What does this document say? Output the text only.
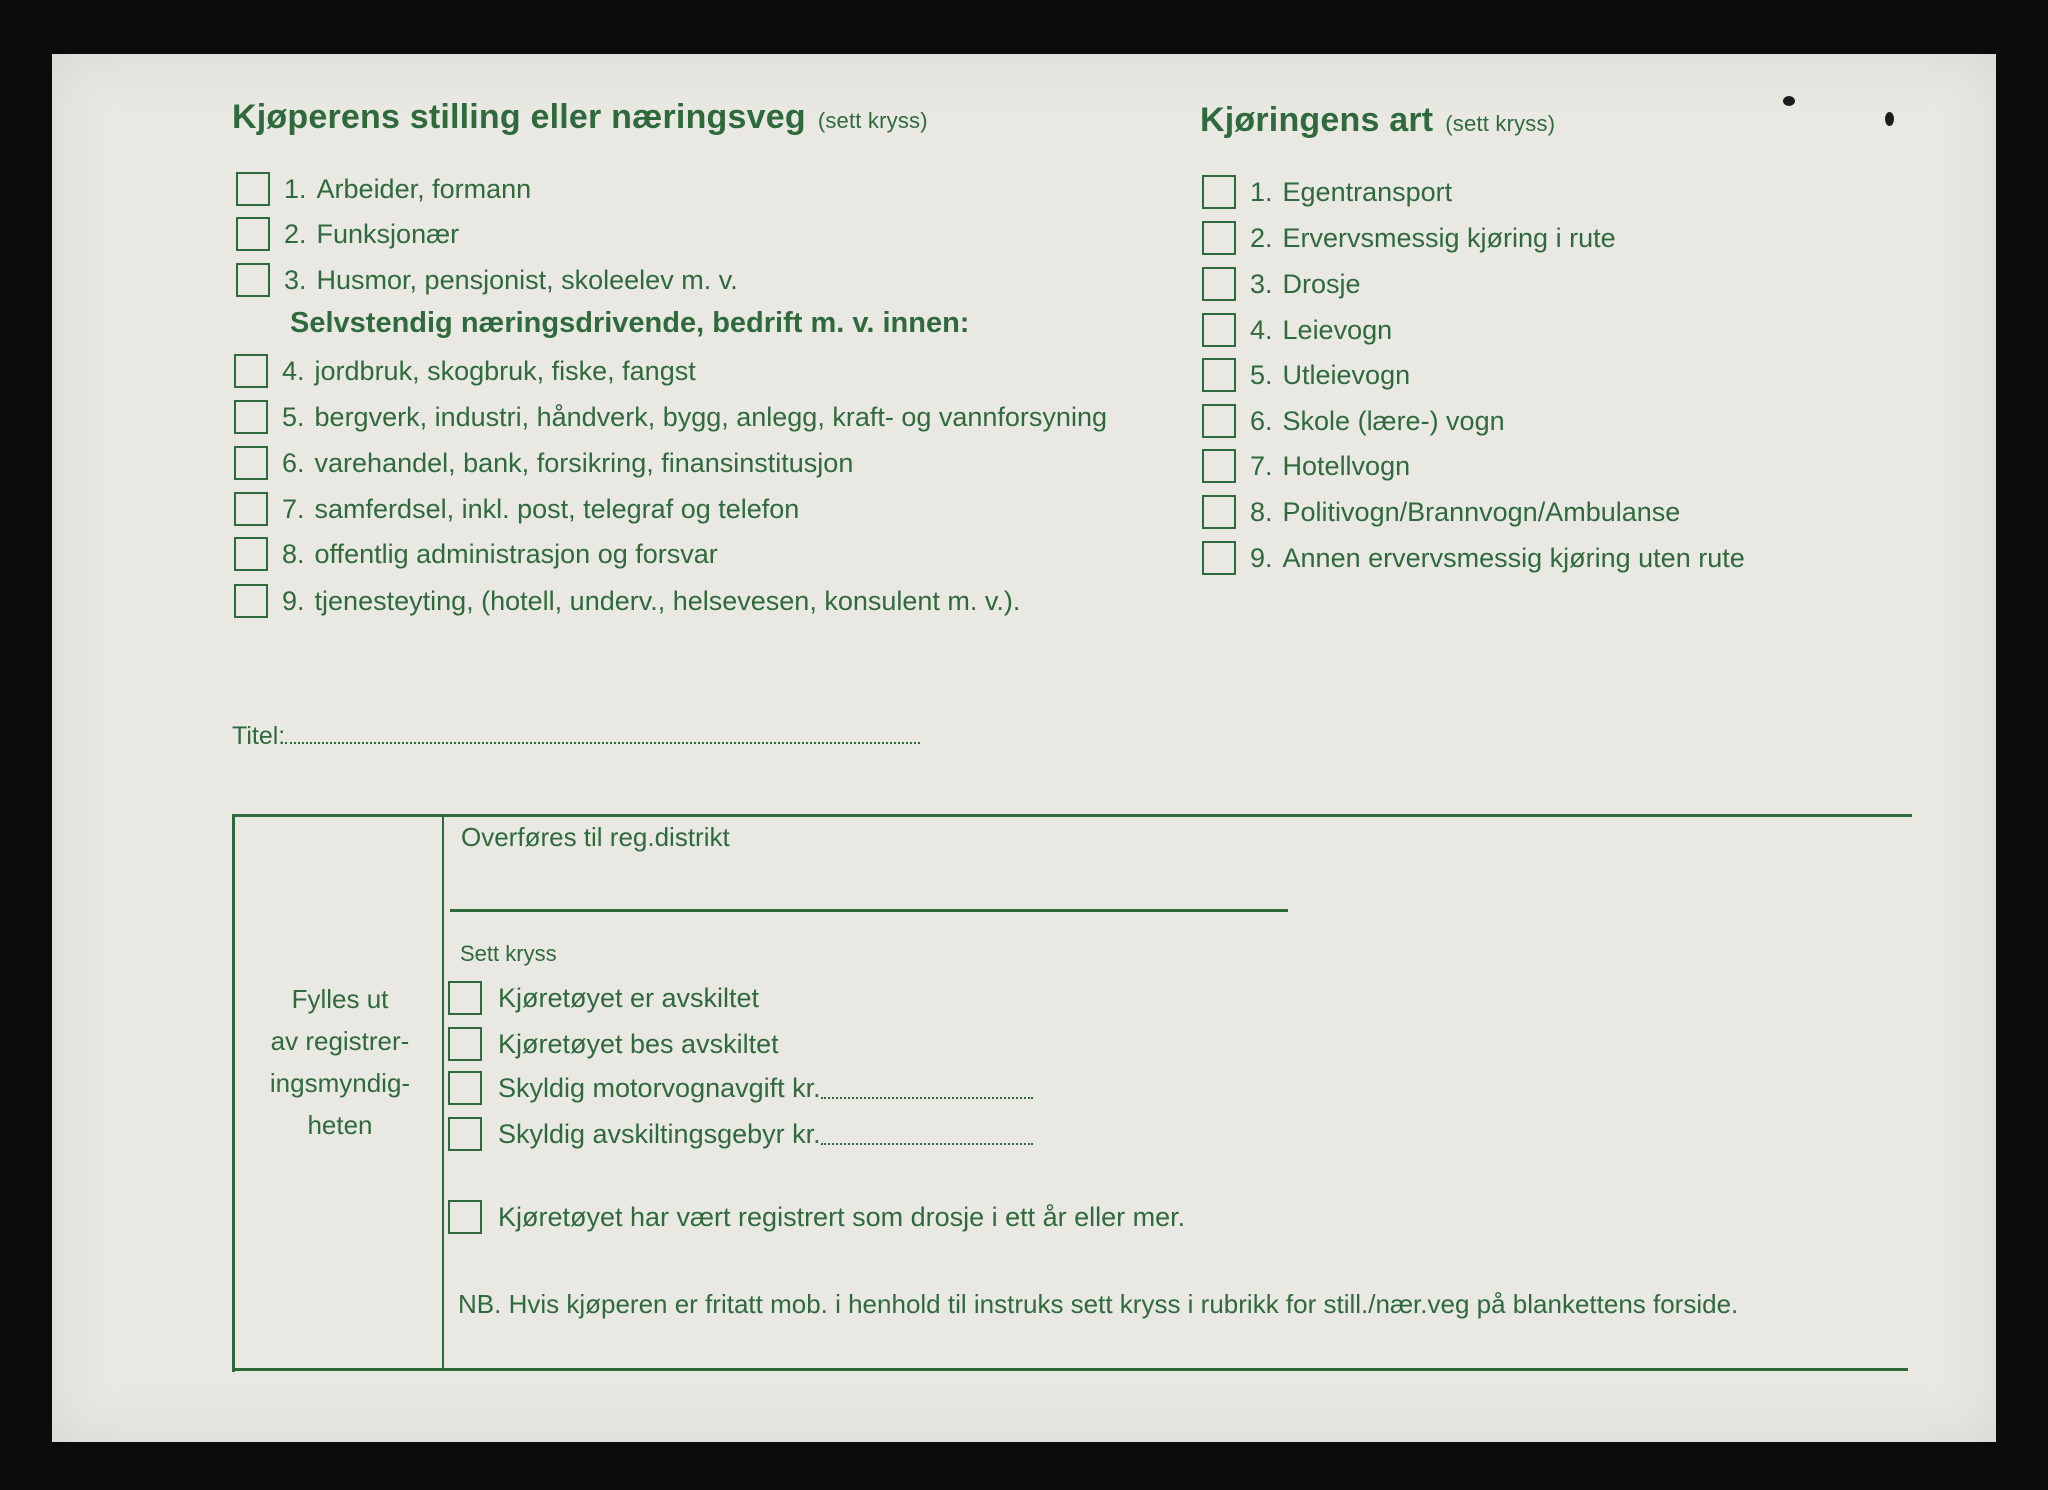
Kjøperens stilling eller næringsveg (sett kryss)
1. Arbeider, formann
2. Funksjonær
3. Husmor, pensjonist, skoleelev m. v.
Selvstendig næringsdrivende, bedrift m. v. innen:
4. jordbruk, skogbruk, fiske, fangst
5. bergverk, industri, håndverk, bygg, anlegg, kraft- og vannforsyning
6. varehandel, bank, forsikring, finansinstitusjon
7. samferdsel, inkl. post, telegraf og telefon
8. offentlig administrasjon og forsvar
9. tjenesteyting, (hotell, underv., helsevesen, konsulent m. v.).
Kjøringens art (sett kryss)
1. Egentransport
2. Ervervsmessig kjøring i rute
3. Drosje
4. Leievogn
5. Utleievogn
6. Skole (lære-) vogn
7. Hotellvogn
8. Politivogn/Brannvogn/Ambulanse
9. Annen ervervsmessig kjøring uten rute
Titel:
Fylles ut
av registrer-
ingsmyndig-
heten
Overføres til reg.distrikt
Sett kryss
Kjøretøyet er avskiltet
Kjøretøyet bes avskiltet
Skyldig motorvognavgift kr.
Skyldig avskiltingsgebyr kr.
Kjøretøyet har vært registrert som drosje i ett år eller mer.
NB. Hvis kjøperen er fritatt mob. i henhold til instruks sett kryss i rubrikk for still./nær.veg på blankettens forside.
